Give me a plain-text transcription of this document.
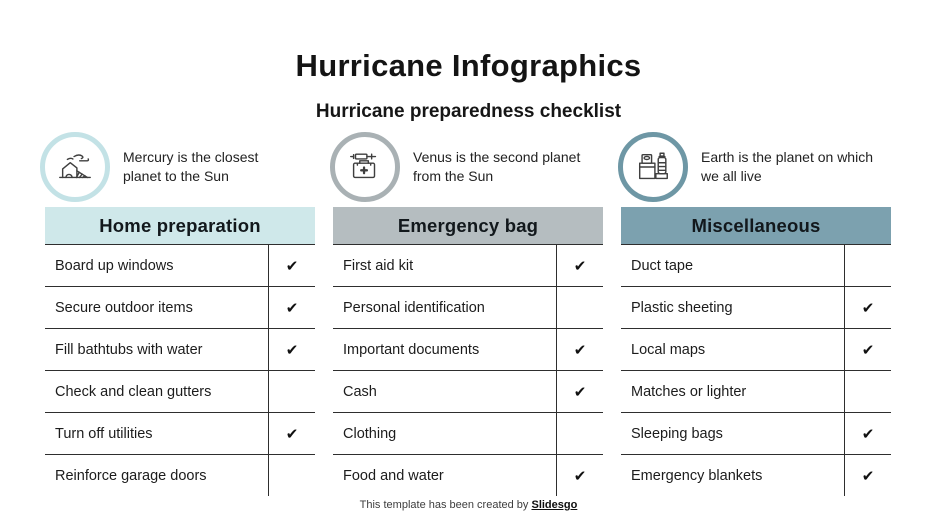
Hurricane Infographics
Hurricane preparedness checklist
Mercury is the closest planet to the Sun
Venus is the second planet from the Sun
Earth is the planet on which we all live
Home preparation
Board up windows	✔
Secure outdoor items	✔
Fill bathtubs with water	✔
Check and clean gutters
Turn off utilities	✔
Reinforce garage doors
Emergency bag
First aid kit	✔
Personal identification
Important documents	✔
Cash	✔
Clothing
Food and water	✔
Miscellaneous
Duct tape
Plastic sheeting	✔
Local maps	✔
Matches or lighter
Sleeping bags	✔
Emergency blankets	✔
This template has been created by Slidesgo
